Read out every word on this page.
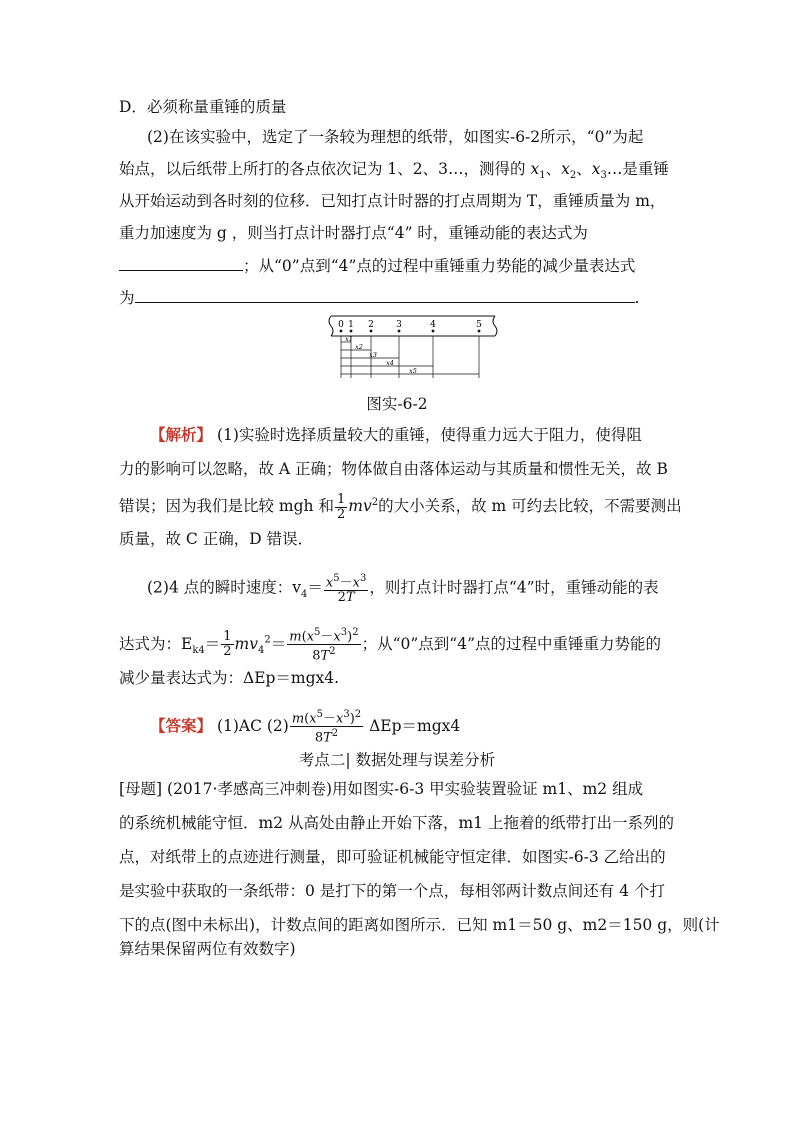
D．必须称量重锤的质量
(2)在该实验中，选定了一条较为理想的纸带，如图实-6-2所示，“0”为起
始点，以后纸带上所打的各点依次记为 1、2、3…，测得的 $x_1$、$x_2$、$x_3\dots$是重锤
从开始运动到各时刻的位移．已知打点计时器的打点周期为 T，重锤质量为 m，
重力加速度为 g ，则当打点计时器打点“4” 时，重锤动能的表达式为
；从“0”点到“4”点的过程中重锤重力势能的减少量表达式
为	.
0 1 2 3	4	5
x1
x2
x3
x4
x5
图实-6-2
【解析】 (1)实验时选择质量较大的重锤，使得重力远大于阻力，使得阻
力的影响可以忽略，故 A 正确；物体做自由落体运动与其质量和惯性无关，故 B
错误；因为我们是比较 mgh 和 $\frac{1}{2} mv^2$的大小关系，故 m 可约去比较，不需要测出
质量，故 C 正确，D 错误．
(2)4 点的瞬时速度：$v_4= \frac{x^5-x^3}{2T}$ ，则打点计时器打点“4”时，重锤动能的表
达式为：$E_{k4}= \frac{1}{2} mv_4^2= \frac{m(x^5-x^3)^2}{8T^2}$ ；从“0”点到“4”点的过程中重锤重力势能的
减少量表达式为：ΔEp＝mgx4.
【答案】 (1)AC $(2) \frac{m(x^5-x^3)^2}{8T^2} \Delta Ep=mgx4$
考点二| 数据处理与误差分析
[母题] (2017·孝感高三冲刺卷)用如图实-6-3 甲实验装置验证 m1、m2 组成
的系统机械能守恒．m2 从高处由静止开始下落，m1 上拖着的纸带打出一系列的
点，对纸带上的点迹进行测量，即可验证机械能守恒定律．如图实-6-3 乙给出的
是实验中获取的一条纸带：0 是打下的第一个点，每相邻两计数点间还有 4 个打
下的点(图中未标出)，计数点间的距离如图所示．已知 m1＝50 g、m2＝150 g，则(计
算结果保留两位有效数字)
